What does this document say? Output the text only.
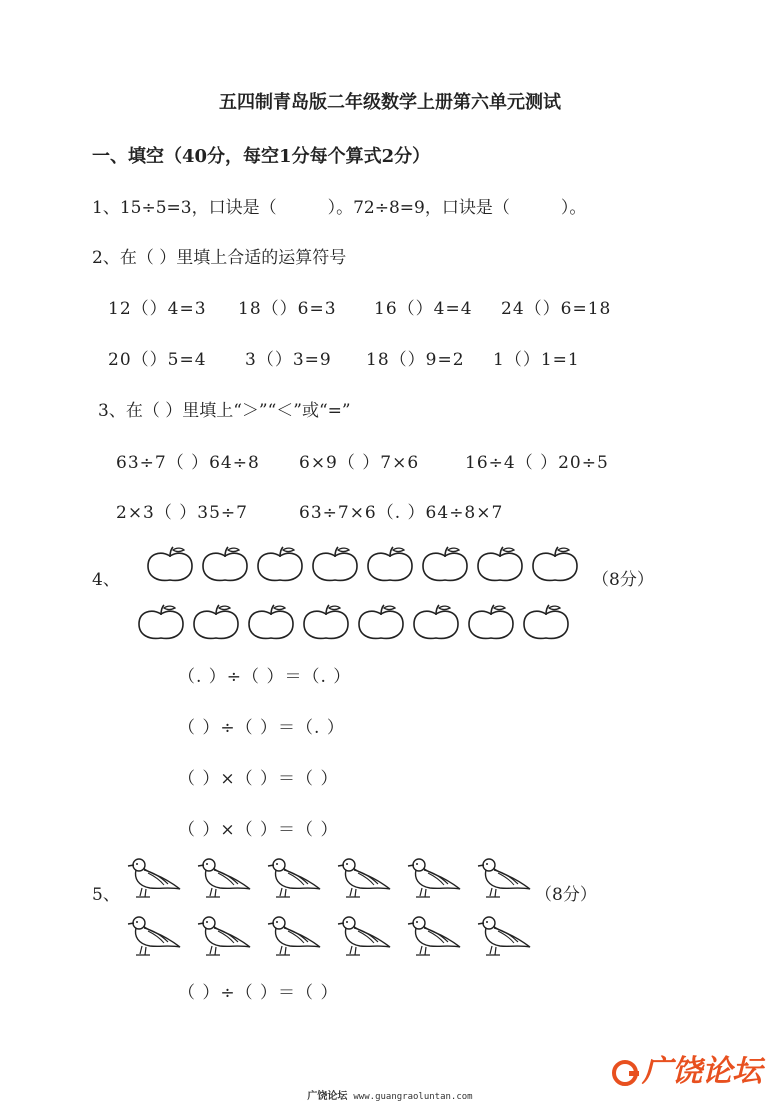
五四制青岛版二年级数学上册第六单元测试
一、填空（40分，每空1分每个算式2分）
1、15÷5=3，口诀是（　　　）。72÷8=9，口诀是（　　　）。
2、在（ ）里填上合适的运算符号
12（）4=3 18（）6=3 16（）4=4 24（）6=18
20（）5=4 3（）3=9 18（）9=2 1（）1=1
3、在（ ）里填上“＞”“＜”或“=”
63÷7（ ）64÷8 6×9（ ）7×6	16÷4（ ）20÷5
2×3（ ）35÷7	63÷7×6（. ）64÷8×7
4、	（8分）
（. ）÷（ ）＝（. ）
（ ）÷（ ）＝（. ）
（ ）×（ ）＝（ ）
（ ）×（ ）＝（ ）
5、	（8分）
（ ）÷（ ）＝（ ）
广饶论坛
广饶论坛 www.guangraoluntan.com
